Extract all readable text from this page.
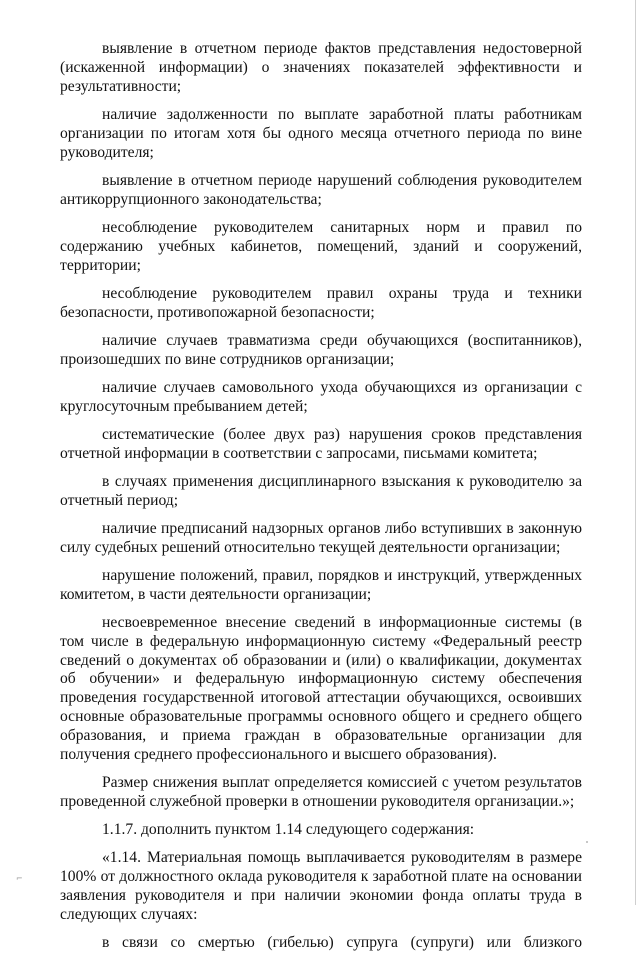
выявление в отчетном периоде фактов представления недостоверной (искаженной информации) о значениях показателей эффективности и результативности;

наличие задолженности по выплате заработной платы работникам организации по итогам хотя бы одного месяца отчетного периода по вине руководителя;

выявление в отчетном периоде нарушений соблюдения руководителем антикоррупционного законодательства;

несоблюдение руководителем санитарных норм и правил по содержанию учебных кабинетов, помещений, зданий и сооружений, территории;

несоблюдение руководителем правил охраны труда и техники безопасности, противопожарной безопасности;

наличие случаев травматизма среди обучающихся (воспитанников), произошедших по вине сотрудников организации;

наличие случаев самовольного ухода обучающихся из организации с круглосуточным пребыванием детей;

систематические (более двух раз) нарушения сроков представления отчетной информации в соответствии с запросами, письмами комитета;

в случаях применения дисциплинарного взыскания к руководителю за отчетный период;

наличие предписаний надзорных органов либо вступивших в законную силу судебных решений относительно текущей деятельности организации;

нарушение положений, правил, порядков и инструкций, утвержденных комитетом, в части деятельности организации;

несвоевременное внесение сведений в информационные системы (в том числе в федеральную информационную систему «Федеральный реестр сведений о документах об образовании и (или) о квалификации, документах об обучении» и федеральную информационную систему обеспечения проведения государственной итоговой аттестации обучающихся, освоивших основные образовательные программы основного общего и среднего общего образования, и приема граждан в образовательные организации для получения среднего профессионального и высшего образования).

Размер снижения выплат определяется комиссией с учетом результатов проведенной служебной проверки в отношении руководителя организации.»;

1.1.7. дополнить пунктом 1.14 следующего содержания:

«1.14. Материальная помощь выплачивается руководителям в размере 100% от должностного оклада руководителя к заработной плате на основании заявления руководителя и при наличии экономии фонда оплаты труда в следующих случаях:

в связи со смертью (гибелью) супруга (супруги) или близкого

⌐
